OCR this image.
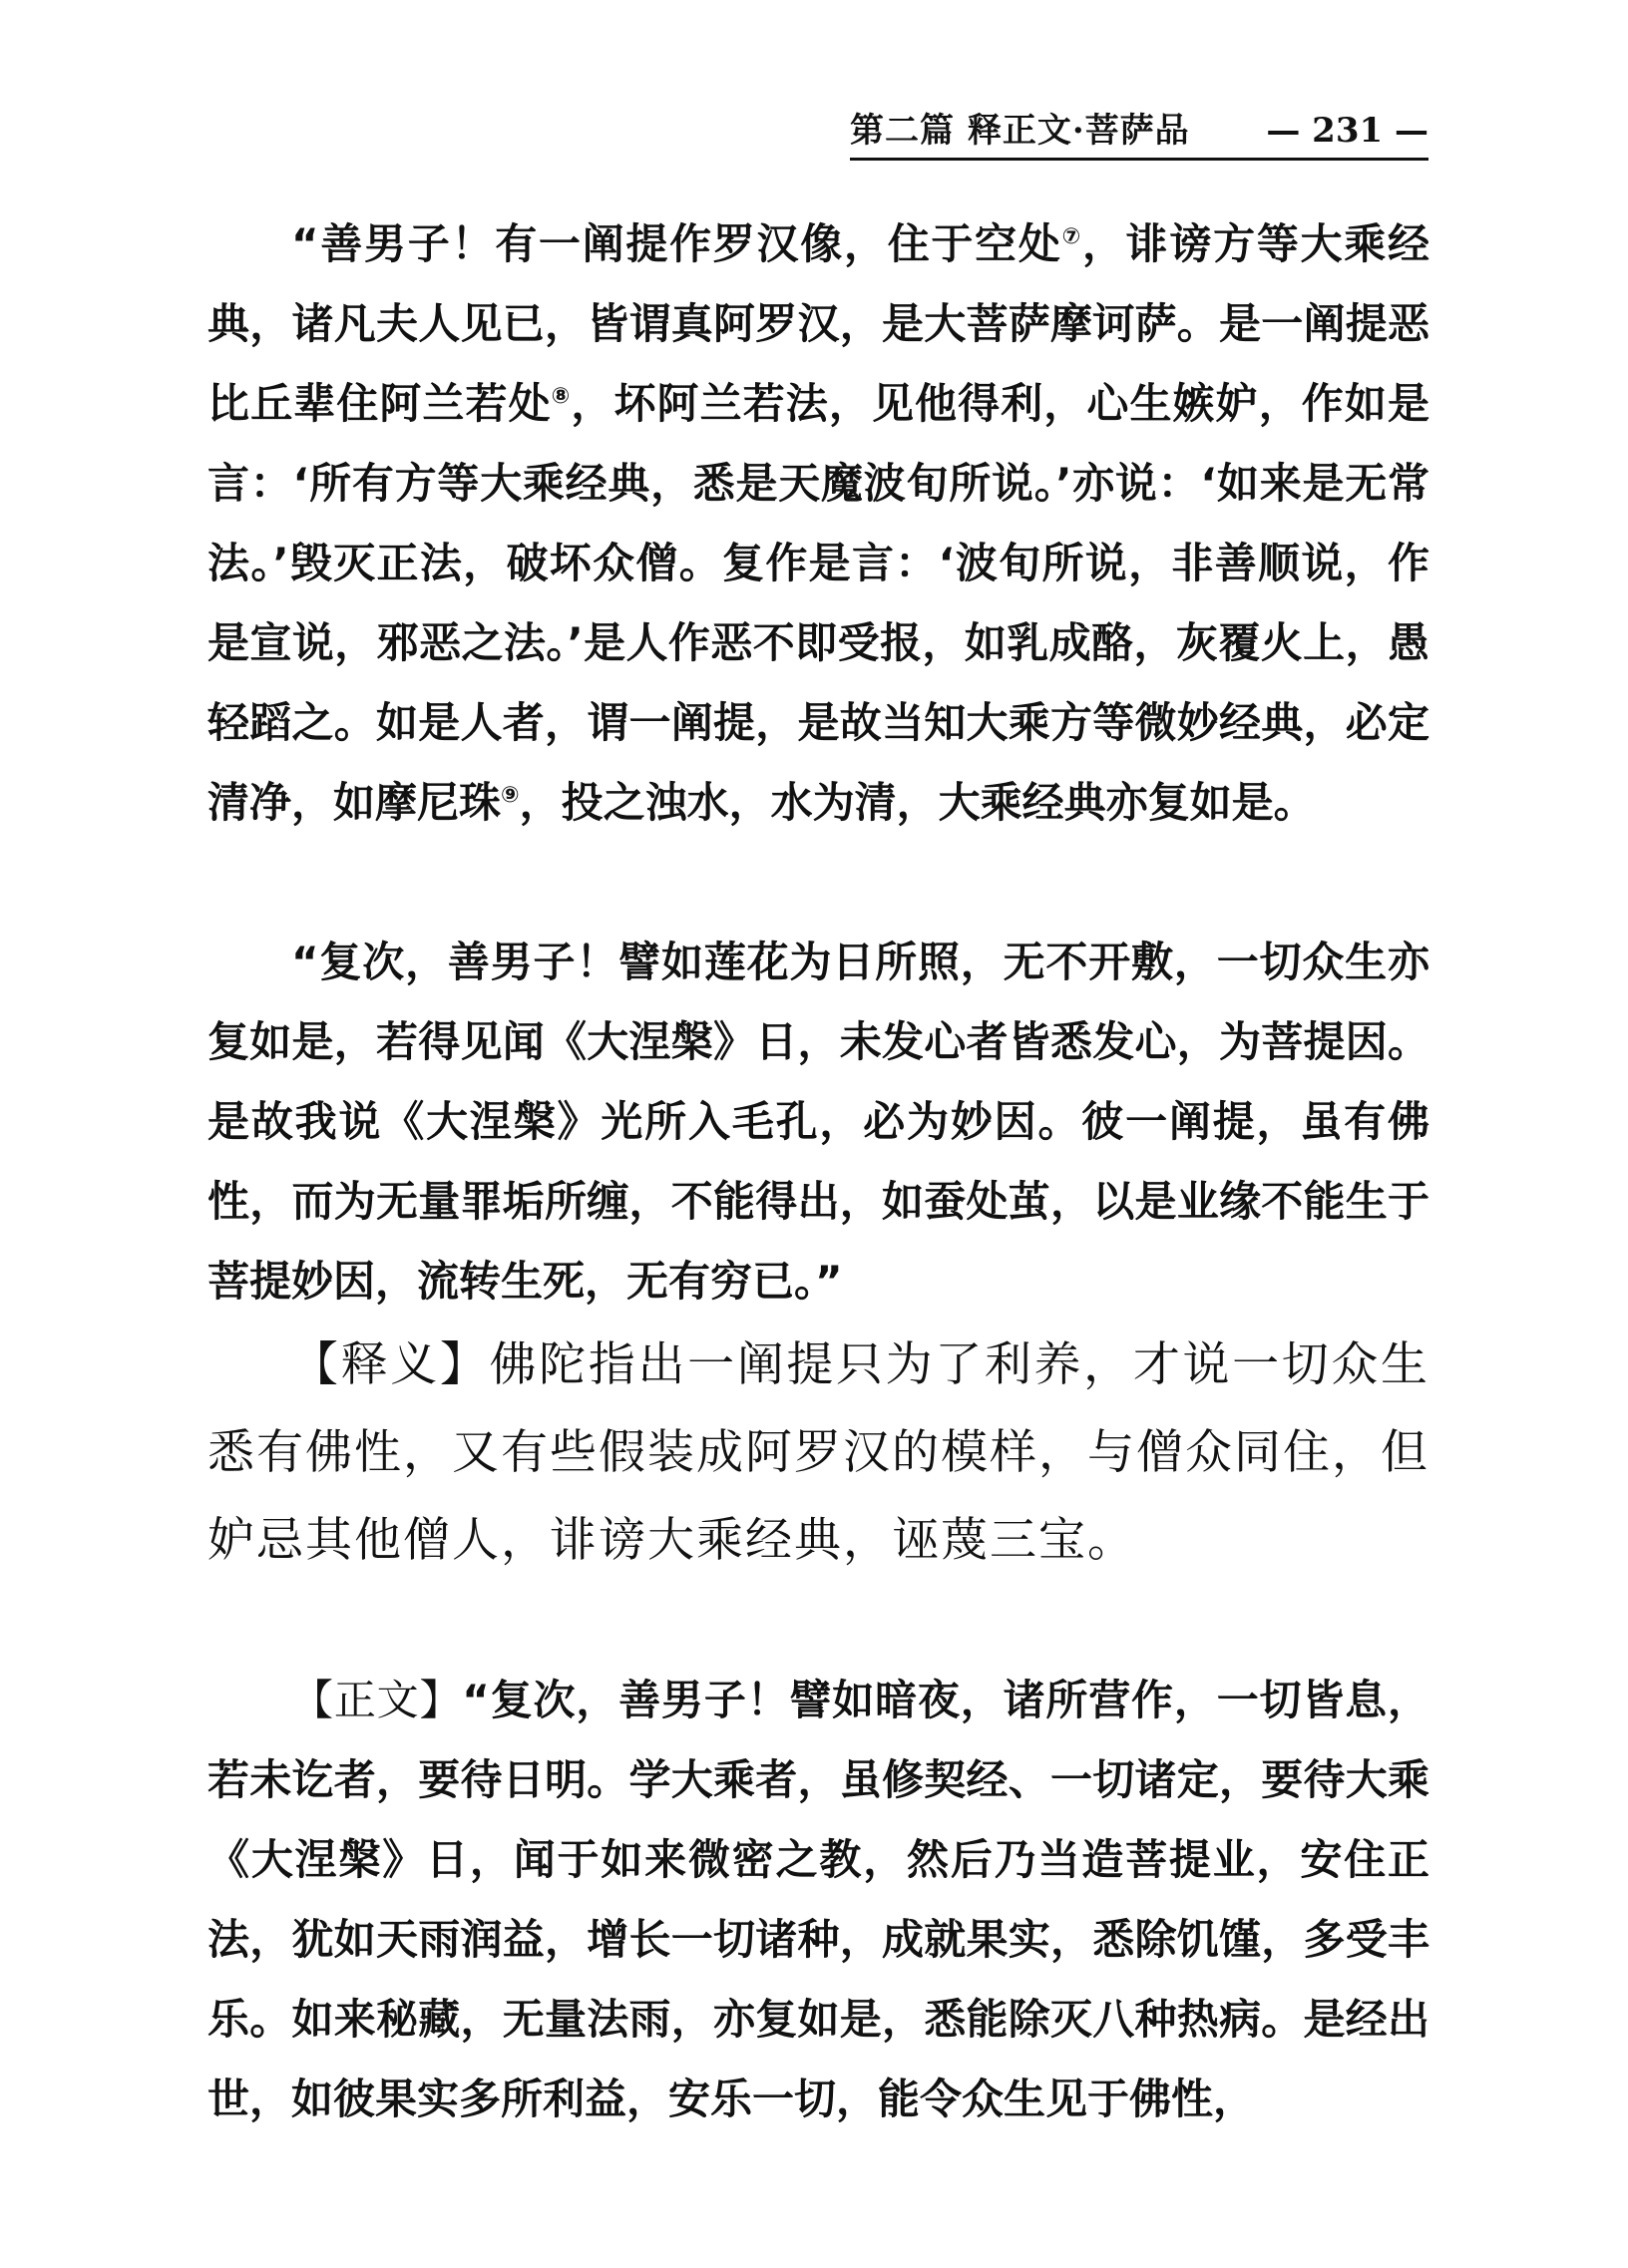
第二篇 释正文·菩萨品 — 231 —

“善男子！有一阐提作罗汉像，住于空处⑦，诽谤方等大乘经典，诸凡夫人见已，皆谓真阿罗汉，是大菩萨摩诃萨。是一阐提恶比丘辈住阿兰若处⑧，坏阿兰若法，见他得利，心生嫉妒，作如是言：‘所有方等大乘经典，悉是天魔波旬所说。’亦说：‘如来是无常法。’毁灭正法，破坏众僧。复作是言：‘波旬所说，非善顺说，作是宣说，邪恶之法。’是人作恶不即受报，如乳成酪，灰覆火上，愚轻蹈之。如是人者，谓一阐提，是故当知大乘方等微妙经典，必定清净，如摩尼珠⑨，投之浊水，水为清，大乘经典亦复如是。

“复次，善男子！譬如莲花为日所照，无不开敷，一切众生亦复如是，若得见闻《大涅槃》日，未发心者皆悉发心，为菩提因。是故我说《大涅槃》光所入毛孔，必为妙因。彼一阐提，虽有佛性，而为无量罪垢所缠，不能得出，如蚕处茧，以是业缘不能生于菩提妙因，流转生死，无有穷已。”

【释义】佛陀指出一阐提只为了利养，才说一切众生悉有佛性，又有些假装成阿罗汉的模样，与僧众同住，但妒忌其他僧人，诽谤大乘经典，诬蔑三宝。

【正文】“复次，善男子！譬如暗夜，诸所营作，一切皆息，若未讫者，要待日明。学大乘者，虽修契经、一切诸定，要待大乘《大涅槃》日，闻于如来微密之教，然后乃当造菩提业，安住正法，犹如天雨润益，增长一切诸种，成就果实，悉除饥馑，多受丰乐。如来秘藏，无量法雨，亦复如是，悉能除灭八种热病。是经出世，如彼果实多所利益，安乐一切，能令众生见于佛性，
